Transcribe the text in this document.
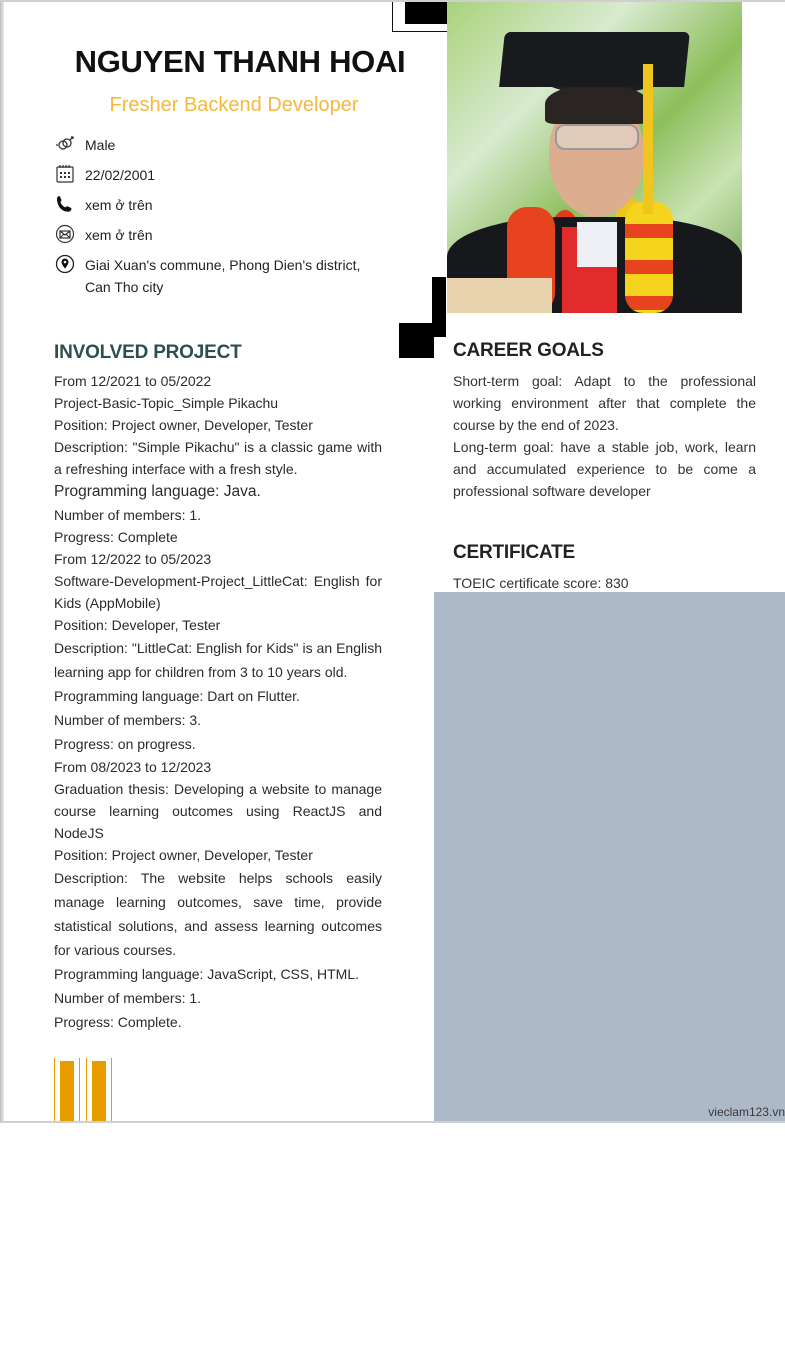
NGUYEN THANH HOAI
Fresher Backend Developer
Male
22/02/2001
xem ở trên
xem ở trên
Giai Xuan's commune, Phong Dien's district, Can Tho city
INVOLVED PROJECT

From 12/2021 to 05/2022

Project-Basic-Topic_Simple Pikachu

Position: Project owner, Developer, Tester

Description: "Simple Pikachu" is a classic game with a refreshing interface with a fresh style.

Programming language: Java.

Number of members: 1.

Progress: Complete

From 12/2022 to 05/2023

Software-Development-Project_LittleCat: English for Kids (AppMobile)

Position: Developer, Tester

Description: "LittleCat: English for Kids" is an English learning app for children from 3 to 10 years old.

Programming language: Dart on Flutter.

Number of members: 3.

Progress: on progress.

From 08/2023 to 12/2023

Graduation thesis: Developing a website to manage course learning outcomes using ReactJS and NodeJS

Position: Project owner, Developer, Tester

Description: The website helps schools easily manage learning outcomes, save time, provide statistical solutions, and assess learning outcomes for various courses.

Programming language: JavaScript, CSS, HTML.

Number of members: 1.

Progress: Complete.

CAREER GOALS

Short-term goal: Adapt to the professional working environment after that complete the course by the end of 2023.

Long-term goal: have a stable job, work, learn and accumulated experience to be come a professional software developer

CERTIFICATE

TOEIC certificate score: 830

vieclam123.vn
